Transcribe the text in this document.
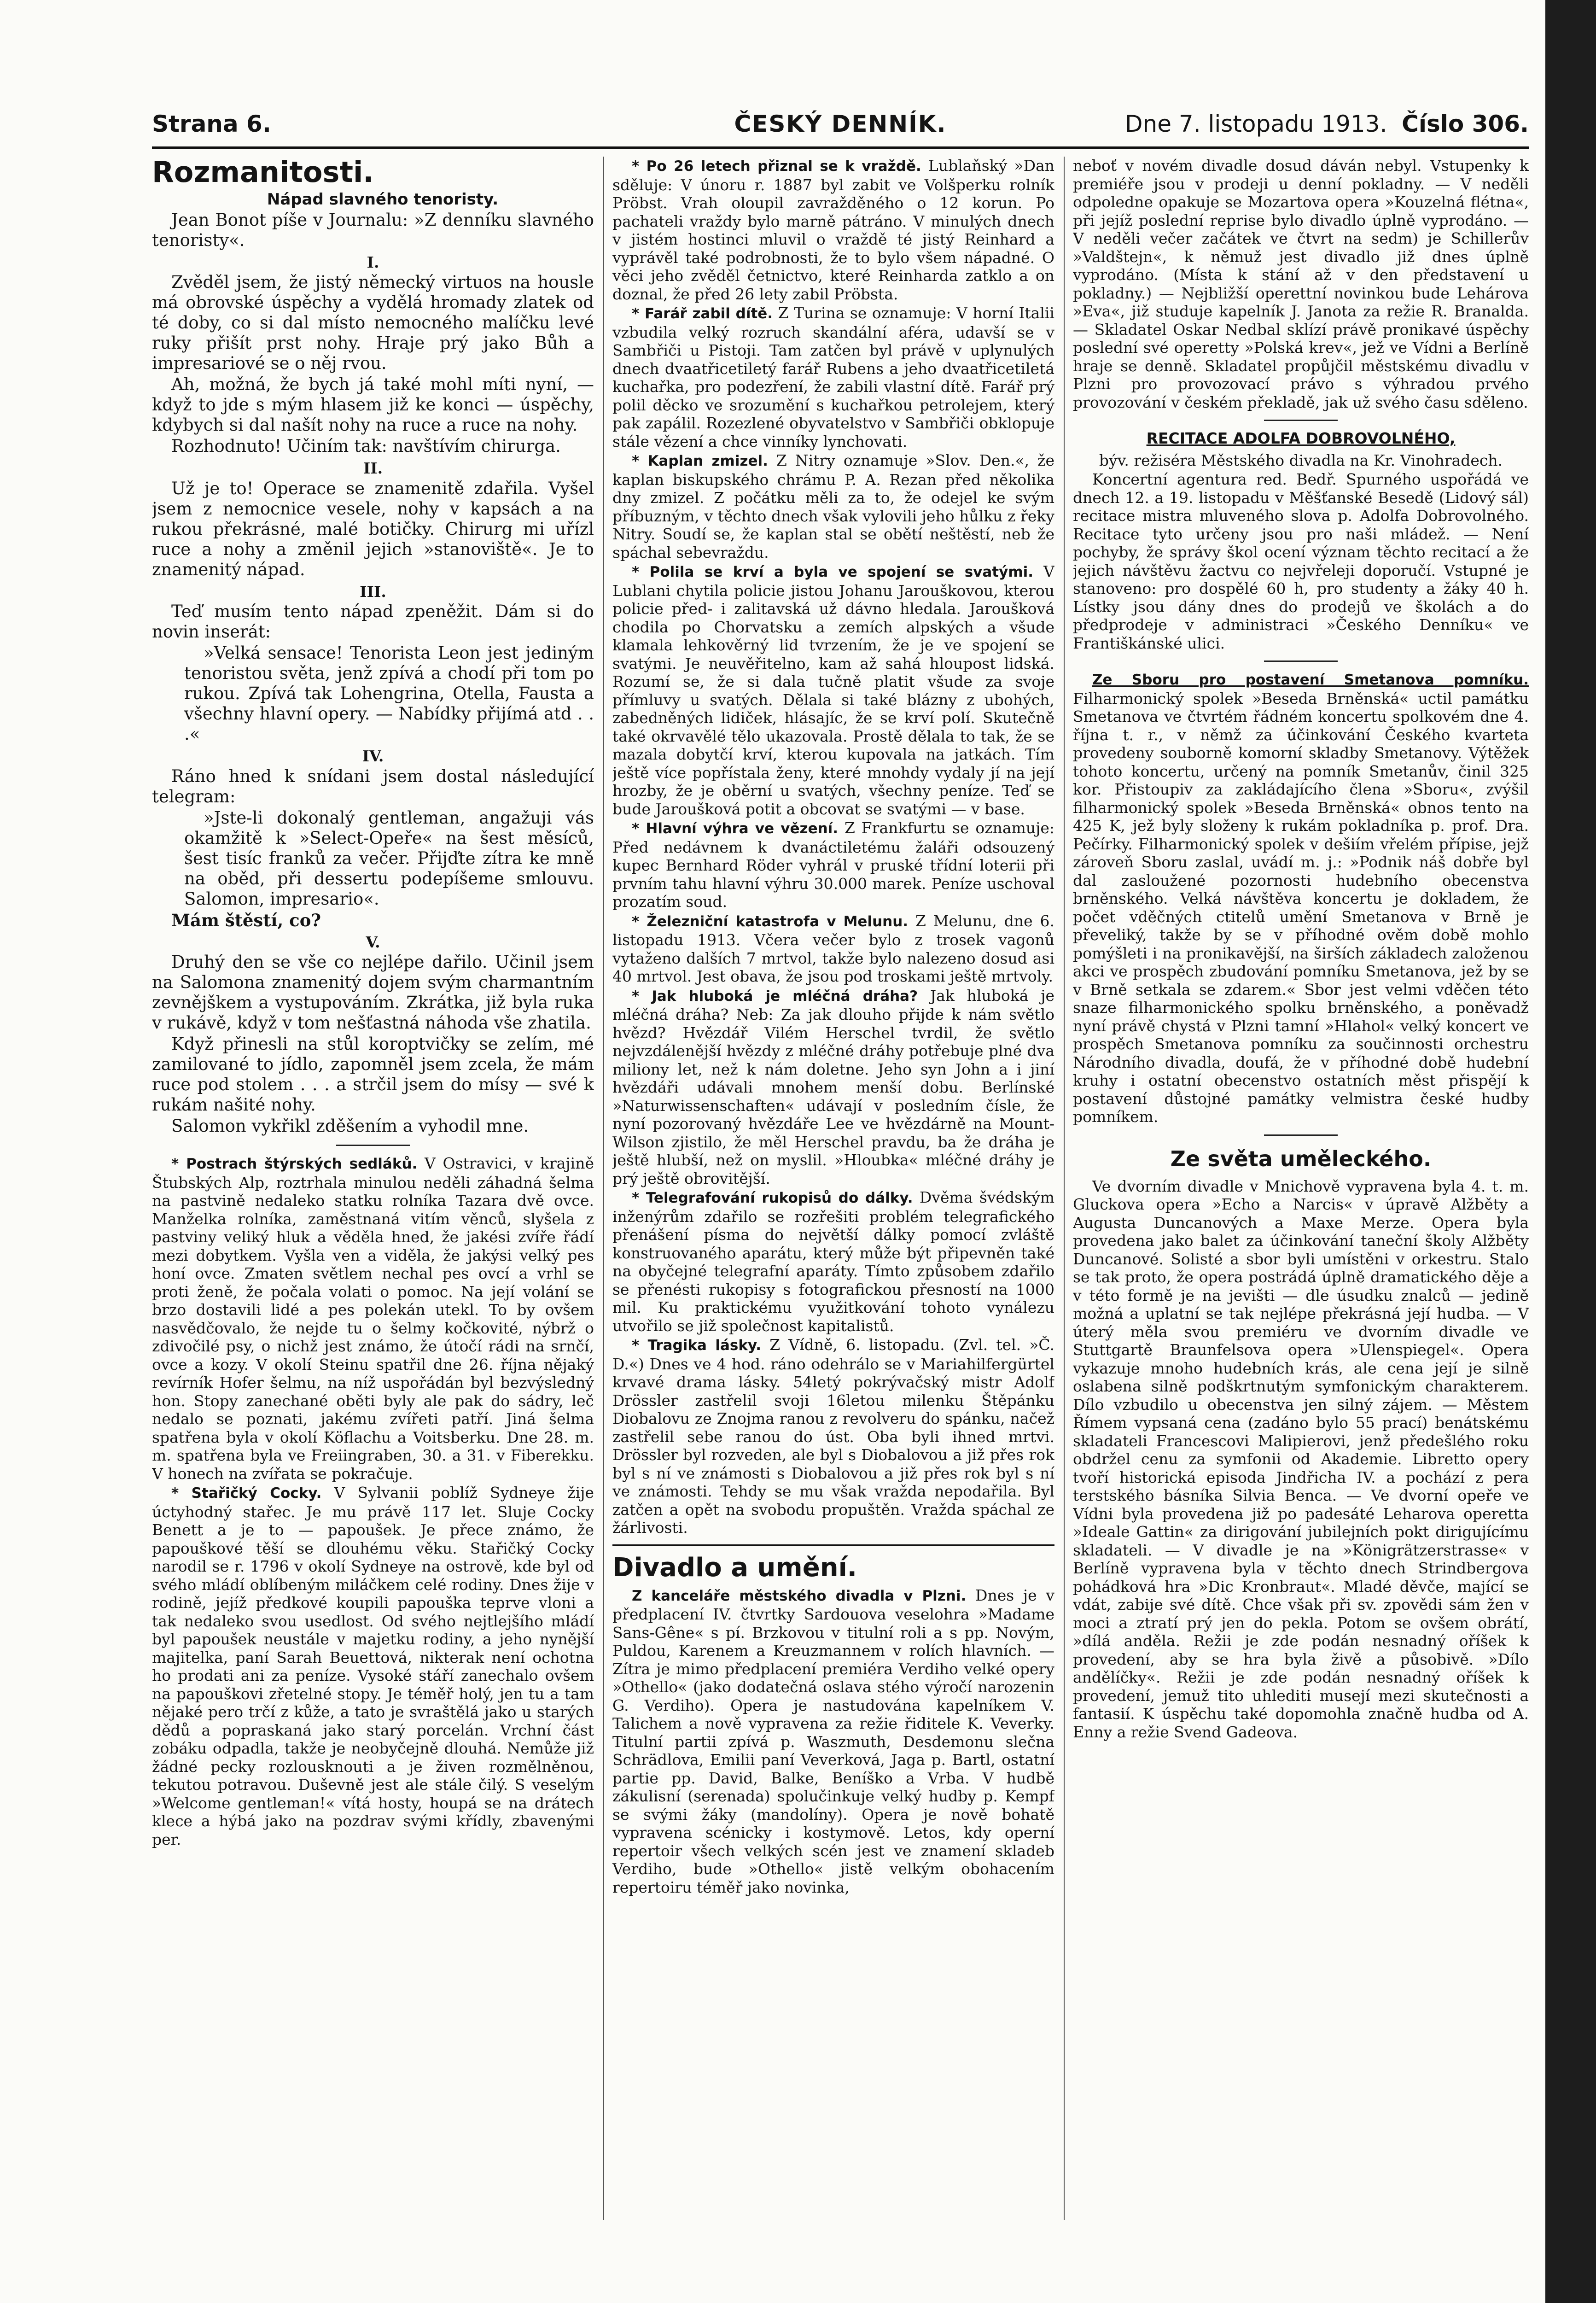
Strana 6.	ČESKÝ DENNÍK.	Dne 7. listopadu 1913. Číslo 306.
Rozmanitosti.

Nápad slavného tenoristy.

Jean Bonot píše v Journalu: »Z denníku slavného tenoristy«.

I.

Zvěděl jsem, že jistý německý virtuos na housle má obrovské úspěchy a vydělá hromady zlatek od té doby, co si dal místo nemocného malíčku levé ruky přišít prst nohy. Hraje prý jako Bůh a impresariové se o něj rvou.

Ah, možná, že bych já také mohl míti nyní, — když to jde s mým hlasem již ke konci — úspěchy, kdybych si dal našít nohy na ruce a ruce na nohy.

Rozhodnuto! Učiním tak: navštívím chirurga.

II.

Už je to! Operace se znamenitě zdařila. Vyšel jsem z nemocnice vesele, nohy v kapsách a na rukou překrásné, malé botičky. Chirurg mi uřízl ruce a nohy a změnil jejich »stanoviště«. Je to znamenitý nápad.

III.

Teď musím tento nápad zpeněžit. Dám si do novin inserát:

»Velká sensace! Tenorista Leon jest jediným tenoristou světa, jenž zpívá a chodí při tom po rukou. Zpívá tak Lohengrina, Otella, Fausta a všechny hlavní opery. — Nabídky přijímá atd . . .«

IV.

Ráno hned k snídani jsem dostal následující telegram:

»Jste-li dokonalý gentleman, angažuji vás okamžitě k »Select-Opeře« na šest měsíců, šest tisíc franků za večer. Přijďte zítra ke mně na oběd, při dessertu podepíšeme smlouvu. Salomon, impresario«.

Mám štěstí, co?

V.

Druhý den se vše co nejlépe dařilo. Učinil jsem na Salomona znamenitý dojem svým charmantním zevnějškem a vystupováním. Zkrátka, již byla ruka v rukávě, když v tom nešťastná náhoda vše zhatila.

Když přinesli na stůl koroptvičky se zelím, mé zamilované to jídlo, zapomněl jsem zcela, že mám ruce pod stolem . . . a strčil jsem do mísy — své k rukám našité nohy.

Salomon vykřikl zděšením a vyhodil mne.

* Postrach štýrských sedláků. V Ostravici, v krajině Štubských Alp, roztrhala minulou neděli záhadná šelma na pastvině nedaleko statku rolníka Tazara dvě ovce. Manželka rolníka, zaměstnaná vitím věnců, slyšela z pastviny veliký hluk a věděla hned, že jakési zvíře řádí mezi dobytkem. Vyšla ven a viděla, že jakýsi velký pes honí ovce. Zmaten světlem nechal pes ovcí a vrhl se proti ženě, že počala volati o pomoc. Na její volání se brzo dostavili lidé a pes polekán utekl. To by ovšem nasvědčovalo, že nejde tu o šelmy kočkovité, nýbrž o zdivočilé psy, o nichž jest známo, že útočí rádi na srnčí, ovce a kozy. V okolí Steinu spatřil dne 26. října nějaký revírník Hofer šelmu, na níž uspořádán byl bezvýsledný hon. Stopy zanechané oběti byly ale pak do sádry, leč nedalo se poznati, jakému zvířeti patří. Jiná šelma spatřena byla v okolí Köflachu a Voitsberku. Dne 28. m. m. spatřena byla ve Freiingraben, 30. a 31. v Fiberekku. V honech na zvířata se pokračuje.

* Stařičký Cocky. V Sylvanii poblíž Sydneye žije úctyhodný stařec. Je mu právě 117 let. Sluje Cocky Benett a je to — papoušek. Je přece známo, že papouškové těší se dlouhému věku. Stařičký Cocky narodil se r. 1796 v okolí Sydneye na ostrově, kde byl od svého mládí oblíbeným miláčkem celé rodiny. Dnes žije v rodině, jejíž předkové koupili papouška teprve vloni a tak nedaleko svou usedlost. Od svého nejtlejšího mládí byl papoušek neustále v majetku rodiny, a jeho nynější majitelka, paní Sarah Beuettová, nikterak není ochotna ho prodati ani za peníze. Vysoké stáří zanechalo ovšem na papouškovi zřetelné stopy. Je téměř holý, jen tu a tam nějaké pero trčí z kůže, a tato je svraštělá jako u starých dědů a popraskaná jako starý porcelán. Vrchní část zobáku odpadla, takže je neobyčejně dlouhá. Nemůže již žádné pecky rozlousknouti a je živen rozmělněnou, tekutou potravou. Duševně jest ale stále čilý. S veselým »Welcome gentleman!« vítá hosty, houpá se na drátech klece a hýbá jako na pozdrav svými křídly, zbavenými per.

* Po 26 letech přiznal se k vraždě. Lublaňský »Dan sděluje: V únoru r. 1887 byl zabit ve Volšperku rolník Pröbst. Vrah oloupil zavražděného o 12 korun. Po pachateli vraždy bylo marně pátráno. V minulých dnech v jistém hostinci mluvil o vraždě té jistý Reinhard a vyprávěl také podrobnosti, že to bylo všem nápadné. O věci jeho zvěděl četnictvo, které Reinharda zatklo a on doznal, že před 26 lety zabil Pröbsta.

* Farář zabil dítě. Z Turina se oznamuje: V horní Italii vzbudila velký rozruch skandální aféra, udavší se v Sambřiči u Pistoji. Tam zatčen byl právě v uplynulých dnech dvaatřicetiletý farář Rubens a jeho dvaatřicetiletá kuchařka, pro podezření, že zabili vlastní dítě. Farář prý polil děcko ve srozumění s kuchařkou petrolejem, který pak zapálil. Rozezlené obyvatelstvo v Sambřiči obklopuje stále vězení a chce vinníky lynchovati.

* Kaplan zmizel. Z Nitry oznamuje »Slov. Den.«, že kaplan biskupského chrámu P. A. Rezan před několika dny zmizel. Z počátku měli za to, že odejel ke svým příbuzným, v těchto dnech však vylovili jeho hůlku z řeky Nitry. Soudí se, že kaplan stal se obětí neštěstí, neb že spáchal sebevraždu.

* Polila se krví a byla ve spojení se svatými. V Lublani chytila policie jistou Johanu Jarouškovou, kterou policie před- i zalitavská už dávno hledala. Jaroušková chodila po Chorvatsku a zemích alpských a všude klamala lehkověrný lid tvrzením, že je ve spojení se svatými. Je neuvěřitelno, kam až sahá hloupost lidská. Rozumí se, že si dala tučně platit všude za svoje přímluvy u svatých. Dělala si také blázny z ubohých, zabedněných lidiček, hlásajíc, že se krví polí. Skutečně také okrvavělé tělo ukazovala. Prostě dělala to tak, že se mazala dobytčí krví, kterou kupovala na jatkách. Tím ještě více popřístala ženy, které mnohdy vydaly jí na její hrozby, že je oběrní u svatých, všechny peníze. Teď se bude Jaroušková potit a obcovat se svatými — v base.

* Hlavní výhra ve vězení. Z Frankfurtu se oznamuje: Před nedávnem k dvanáctiletému žaláři odsouzený kupec Bernhard Röder vyhrál v pruské třídní loterii při prvním tahu hlavní výhru 30.000 marek. Peníze uschoval prozatím soud.

* Železniční katastrofa v Melunu. Z Melunu, dne 6. listopadu 1913. Včera večer bylo z trosek vagonů vytaženo dalších 7 mrtvol, takže bylo nalezeno dosud asi 40 mrtvol. Jest obava, že jsou pod troskami ještě mrtvoly.

* Jak hluboká je mléčná dráha? Jak hluboká je mléčná dráha? Neb: Za jak dlouho přijde k nám světlo hvězd? Hvězdář Vilém Herschel tvrdil, že světlo nejvzdálenější hvězdy z mléčné dráhy potřebuje plné dva miliony let, než k nám doletne. Jeho syn John a i jiní hvězdáři udávali mnohem menší dobu. Berlínské »Naturwissenschaften« udávají v posledním čísle, že nyní pozorovaný hvězdáře Lee ve hvězdárně na Mount-Wilson zjistilo, že měl Herschel pravdu, ba že dráha je ještě hlubší, než on myslil. »Hloubka« mléčné dráhy je prý ještě obrovitější.

* Telegrafování rukopisů do dálky. Dvěma švédským inženýrům zdařilo se rozřešiti problém telegrafického přenášení písma do největší dálky pomocí zvláště konstruovaného aparátu, který může být připevněn také na obyčejné telegrafní aparáty. Tímto způsobem zdařilo se přenésti rukopisy s fotografickou přesností na 1000 mil. Ku praktickému využitkování tohoto vynálezu utvořilo se již společnost kapitalistů.

* Tragika lásky. Z Vídně, 6. listopadu. (Zvl. tel. »Č. D.«) Dnes ve 4 hod. ráno odehrálo se v Mariahilfergürtel krvavé drama lásky. 54letý pokrývačský mistr Adolf Drössler zastřelil svoji 16letou milenku Štěpánku Diobalovu ze Znojma ranou z revolveru do spánku, načež zastřelil sebe ranou do úst. Oba byli ihned mrtvi. Drössler byl rozveden, ale byl s Diobalovou a již přes rok byl s ní ve známosti s Diobalovou a již přes rok byl s ní ve známosti. Tehdy se mu však vražda nepodařila. Byl zatčen a opět na svobodu propuštěn. Vražda spáchal ze žárlivosti.

Divadlo a umění.

Z kanceláře městského divadla v Plzni. Dnes je v předplacení IV. čtvrtky Sardouova veselohra »Madame Sans-Gêne« s pí. Brzkovou v titulní roli a s pp. Novým, Puldou, Karenem a Kreuzmannem v rolích hlavních. — Zítra je mimo předplacení premiéra Verdiho velké opery »Othello« (jako dodatečná oslava stého výročí narozenin G. Verdiho). Opera je nastudována kapelníkem V. Talichem a nově vypravena za režie řiditele K. Veverky. Titulní partii zpívá p. Waszmuth, Desdemonu slečna Schrädlova, Emilii paní Veverková, Jaga p. Bartl, ostatní partie pp. David, Balke, Beníško a Vrba. V hudbě zákulisní (serenada) spolučinkuje velký hudby p. Kempf se svými žáky (mandolíny). Opera je nově bohatě vypravena scénicky i kostymově. Letos, kdy operní repertoir všech velkých scén jest ve znamení skladeb Verdiho, bude »Othello« jistě velkým obohacením repertoiru téměř jako novinka,

neboť v novém divadle dosud dáván nebyl. Vstupenky k premiéře jsou v prodeji u denní pokladny. — V neděli odpoledne opakuje se Mozartova opera »Kouzelná flétna«, při jejíž poslední reprise bylo divadlo úplně vyprodáno. — V neděli večer začátek ve čtvrt na sedm) je Schillerův »Valdštejn«, k němuž jest divadlo již dnes úplně vyprodáno. (Místa k stání až v den představení u pokladny.) — Nejbližší operettní novinkou bude Lehárova »Eva«, již studuje kapelník J. Janota za režie R. Branalda. — Skladatel Oskar Nedbal sklízí právě pronikavé úspěchy poslední své operetty »Polská krev«, jež ve Vídni a Berlíně hraje se denně. Skladatel propůjčil městskému divadlu v Plzni pro provozovací právo s výhradou prvého provozování v českém překladě, jak už svého času sděleno.

RECITACE ADOLFA DOBROVOLNÉHO,

býv. režiséra Městského divadla na Kr. Vinohradech.

Koncertní agentura red. Bedř. Spurného uspořádá ve dnech 12. a 19. listopadu v Měšťanské Besedě (Lidový sál) recitace mistra mluveného slova p. Adolfa Dobrovolného. Recitace tyto určeny jsou pro naši mládež. — Není pochyby, že správy škol ocení význam těchto recitací a že jejich návštěvu žactvu co nejvřeleji doporučí. Vstupné je stanoveno: pro dospělé 60 h, pro studenty a žáky 40 h. Lístky jsou dány dnes do prodejů ve školách a do předprodeje v administraci »Českého Denníku« ve Františkánské ulici.

Ze Sboru pro postavení Smetanova pomníku. Filharmonický spolek »Beseda Brněnská« uctil památku Smetanova ve čtvrtém řádném koncertu spolkovém dne 4. října t. r., v němž za účinkování Českého kvarteta provedeny souborně komorní skladby Smetanovy. Výtěžek tohoto koncertu, určený na pomník Smetanův, činil 325 kor. Přistoupiv za zakládajícího člena »Sboru«, zvýšil filharmonický spolek »Beseda Brněnská« obnos tento na 425 K, jež byly složeny k rukám pokladníka p. prof. Dra. Pečírky. Filharmonický spolek v dešiím vřelém přípise, jejž zároveň Sboru zaslal, uvádí m. j.: »Podnik náš dobře byl dal zasloužené pozornosti hudebního obecenstva brněnského. Velká návštěva koncertu je dokladem, že počet vděčných ctitelů umění Smetanova v Brně je převeliký, takže by se v příhodné ověm době mohlo pomýšleti i na pronikavější, na širších základech založenou akci ve prospěch zbudování pomníku Smetanova, jež by se v Brně setkala se zdarem.« Sbor jest velmi vděčen této snaze filharmonického spolku brněnského, a poněvadž nyní právě chystá v Plzni tamní »Hlahol« velký koncert ve prospěch Smetanova pomníku za součinnosti orchestru Národního divadla, doufá, že v příhodné době hudební kruhy i ostatní obecenstvo ostatních měst přispějí k postavení důstojné památky velmistra české hudby pomníkem.

Ze světa uměleckého.

Ve dvorním divadle v Mnichově vypravena byla 4. t. m. Gluckova opera »Echo a Narcis« v úpravě Alžběty a Augusta Duncanových a Maxe Merze. Opera byla provedena jako balet za účinkování taneční školy Alžběty Duncanové. Solisté a sbor byli umístěni v orkestru. Stalo se tak proto, že opera postrádá úplně dramatického děje a v této formě je na jevišti — dle úsudku znalců — jedině možná a uplatní se tak nejlépe překrásná její hudba. — V úterý měla svou premiéru ve dvorním divadle ve Stuttgartě Braunfelsova opera »Ulenspiegel«. Opera vykazuje mnoho hudebních krás, ale cena její je silně oslabena silně podškrtnutým symfonickým charakterem. Dílo vzbudilo u obecenstva jen silný zájem. — Městem Římem vypsaná cena (zadáno bylo 55 prací) benátskému skladateli Francescovi Malipierovi, jenž předešlého roku obdržel cenu za symfonii od Akademie. Libretto opery tvoří historická episoda Jindřicha IV. a pochází z pera terstského básníka Silvia Benca. — Ve dvorní opeře ve Vídni byla provedena již po padesáté Leharova operetta »Ideale Gattin« za dirigování jubilejních pokt dirigujícímu skladateli. — V divadle je na »Königrätzerstrasse« v Berlíně vypravena byla v těchto dnech Strindbergova pohádková hra »Dic Kronbraut«. Mladé děvče, mající se vdát, zabije své dítě. Chce však při sv. zpovědi sám žen v moci a ztratí prý jen do pekla. Potom se ovšem obrátí, »dílá anděla. Režii je zde podán nesnadný oříšek k provedení, aby se hra byla živě a působivě. »Dílo andělíčky«. Režii je zde podán nesnadný oříšek k provedení, jemuž tito uhlediti musejí mezi skutečnosti a fantasií. K úspěchu také dopomohla značně hudba od A. Enny a režie Svend Gadeova.
